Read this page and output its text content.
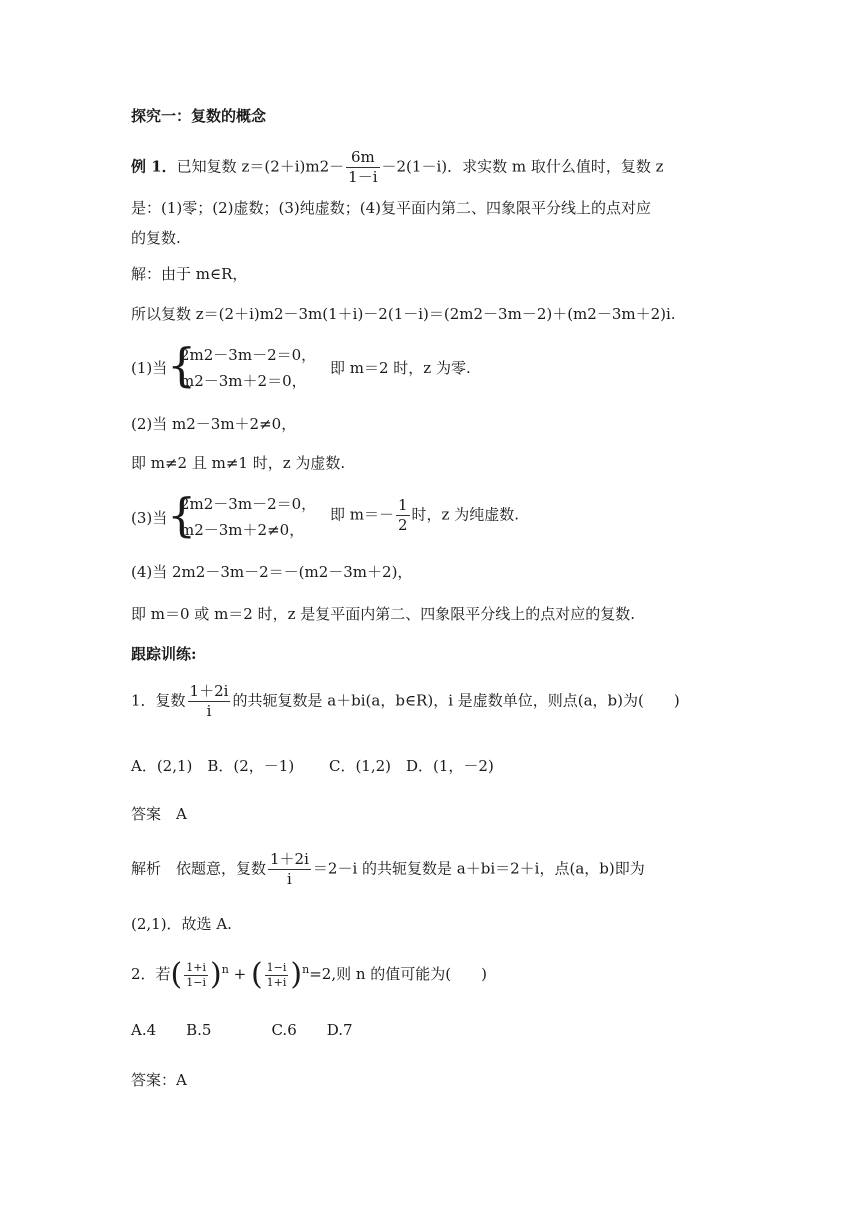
探究一：复数的概念
例 1．已知复数 $z=(2+i)m2- \frac{6m}{1-i} -2(1-i)$．求实数 m 取什么值时，复数 z
是：(1)零；(2)虚数；(3)纯虚数；(4)复平面内第二、四象限平分线上的点对应
的复数.
解：由于 m∈R，
所以复数 z＝(2＋i)m2－3m(1＋i)－2(1－i)＝(2m2－3m－2)＋(m2－3m＋2)i.
(1)当 {
2m2－3m－2＝0，
m2－3m＋2＝0，
即 m＝2 时，z 为零.
(2)当 m2－3m＋2≠0，
即 m≠2 且 m≠1 时，z 为虚数.
(3)当 {
2m2－3m－2＝0，
m2－3m＋2≠0，
即 $m=- \frac{1}{2}$ 时，z 为纯虚数.
(4)当 2m2－3m－2＝－(m2－3m＋2)，
即 m＝0 或 m＝2 时，z 是复平面内第二、四象限平分线上的点对应的复数.
跟踪训练:
1．复数 $\frac{1+2i}{i}$ 的共轭复数是 a＋bi(a，b∈R)，i 是虚数单位，则点(a，b)为(　　)
A．(2,1)　B．(2，－1)　　 C．(1,2)　D．(1，－2)
答案　A
解析　依题意，复数 $\frac{1+2i}{i} =2-i$ 的共轭复数是 a＋bi＝2＋i，点(a，b)即为
(2,1)．故选 A.
2．若( $\frac{1+i}{1-i} )^n$ + ( $\frac{1-i}{1+i} )^n=2$,则 n 的值可能为(　　)
A.4　　B.5　　　　C.6　　D.7
答案：A
